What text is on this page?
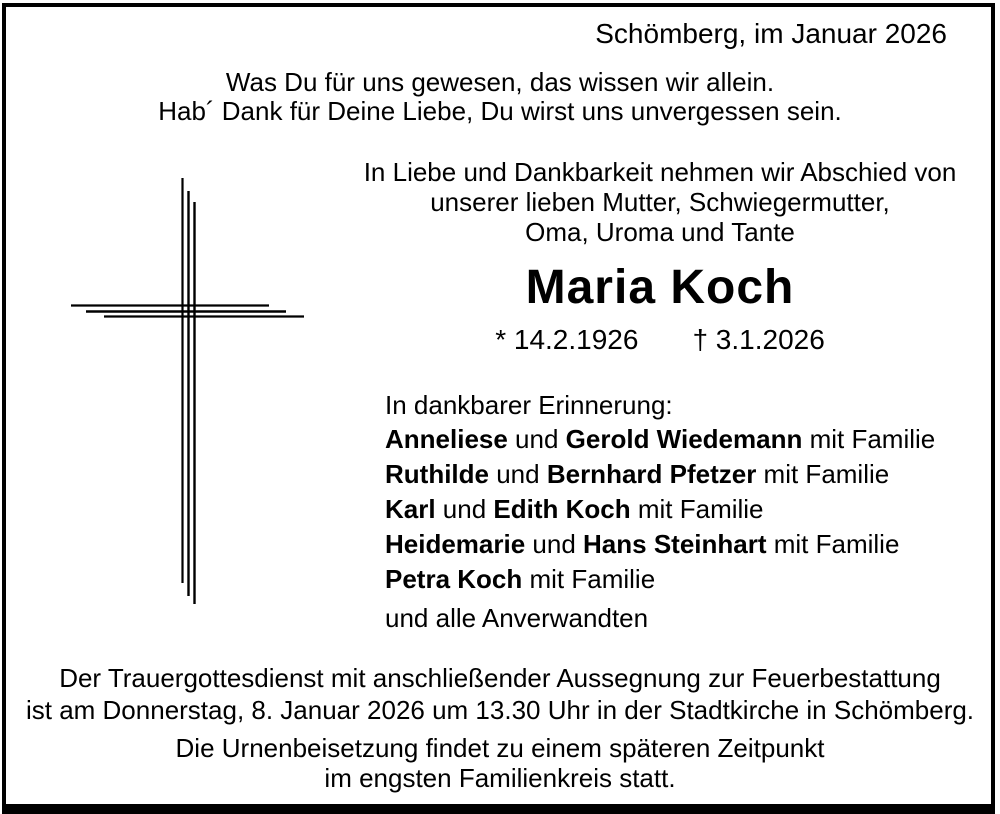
Schömberg, im Januar 2026
Was Du für uns gewesen, das wissen wir allein.
Hab´ Dank für Deine Liebe, Du wirst uns unvergessen sein.
In Liebe und Dankbarkeit nehmen wir Abschied von
unserer lieben Mutter, Schwiegermutter,
Oma, Uroma und Tante
Maria Koch
* 14.2.1926 † 3.1.2026
In dankbarer Erinnerung:
Anneliese und Gerold Wiedemann mit Familie
Ruthilde und Bernhard Pfetzer mit Familie
Karl und Edith Koch mit Familie
Heidemarie und Hans Steinhart mit Familie
Petra Koch mit Familie
und alle Anverwandten
Der Trauergottesdienst mit anschließender Aussegnung zur Feuerbestattung
ist am Donnerstag, 8. Januar 2026 um 13.30 Uhr in der Stadtkirche in Schömberg.
Die Urnenbeisetzung findet zu einem späteren Zeitpunkt
im engsten Familienkreis statt.
